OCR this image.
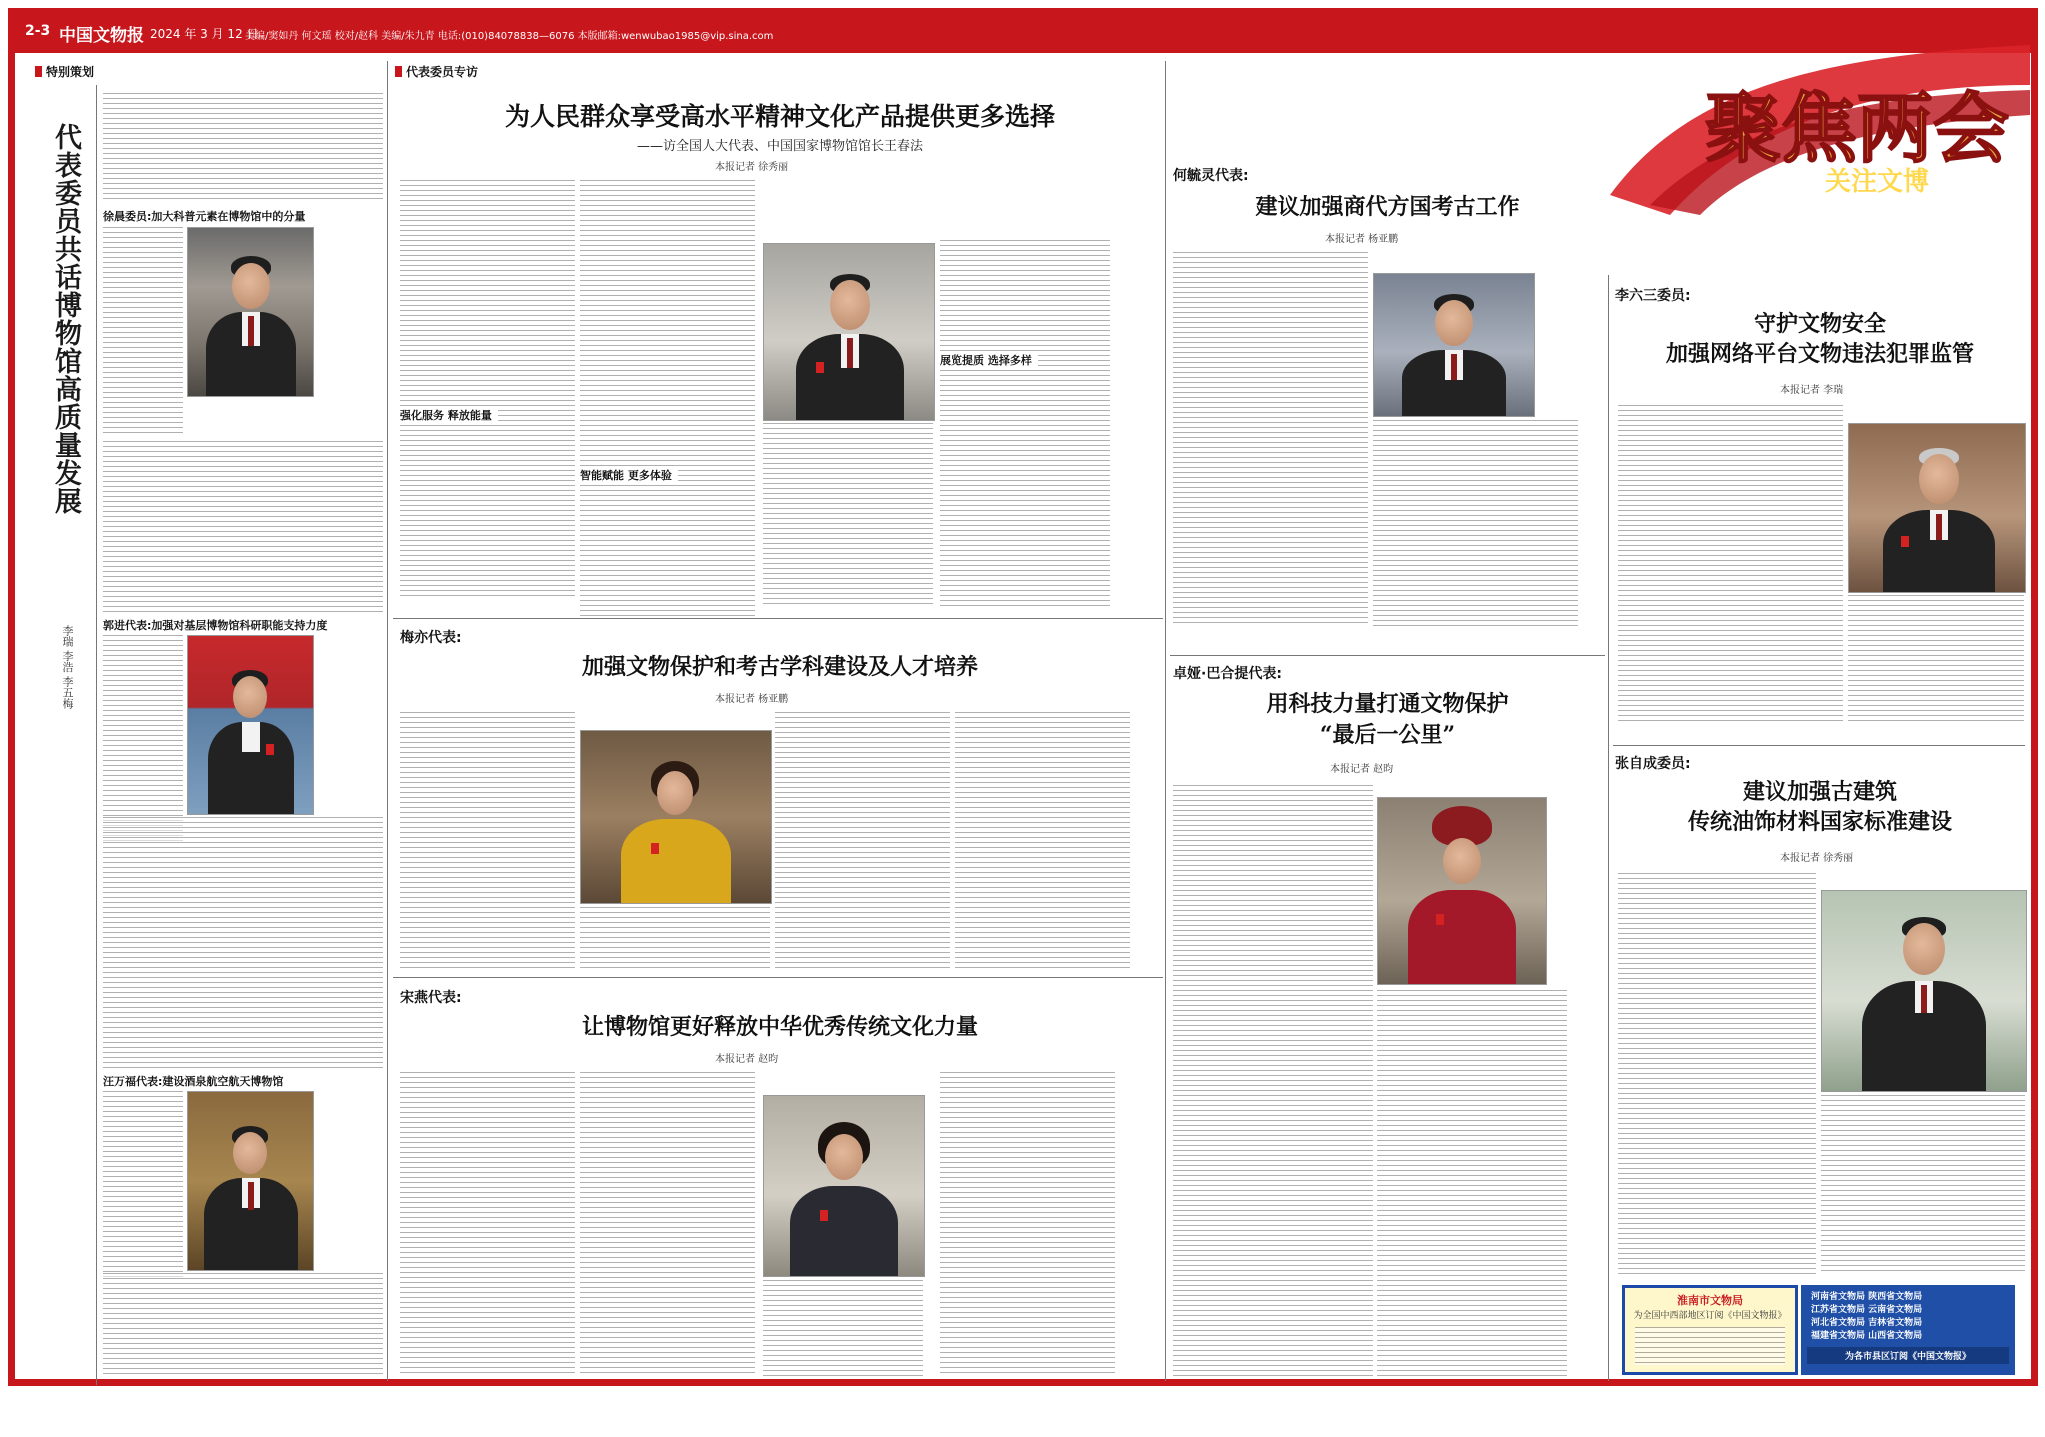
2-3 中国文物报 2024 年 3 月 12 日
美编/窦如丹 何文瑶 校对/赵科 美编/朱九青 电话:(010)84078838—6076 本版邮箱:wenwubao1985@vip.sina.com
聚焦两会
关注文博
特别策划
代表委员共话博物馆高质量发展
李瑞 李浩 李五梅
徐晨委员:加大科普元素在博物馆中的分量
郭进代表:加强对基层博物馆科研职能支持力度
汪万福代表:建设酒泉航空航天博物馆
代表委员专访
为人民群众享受高水平精神文化产品提供更多选择
——访全国人大代表、中国国家博物馆馆长王春法
本报记者 徐秀丽
强化服务 释放能量
智能赋能 更多体验
展览提质 选择多样
梅亦代表:
加强文物保护和考古学科建设及人才培养
本报记者 杨亚鹏
宋燕代表:
让博物馆更好释放中华优秀传统文化力量
本报记者 赵昀
何毓灵代表:
建议加强商代方国考古工作
本报记者 杨亚鹏
卓娅·巴合提代表:
用科技力量打通文物保护
“最后一公里”
本报记者 赵昀
李六三委员:
守护文物安全
加强网络平台文物违法犯罪监管
本报记者 李瑞
张自成委员:
建议加强古建筑
传统油饰材料国家标准建设
本报记者 徐秀丽
淮南市文物局
为全国中西部地区订阅《中国文物报》
河南省文物局 陕西省文物局
江苏省文物局 云南省文物局
河北省文物局 吉林省文物局
福建省文物局 山西省文物局
为各市县区订阅《中国文物报》
